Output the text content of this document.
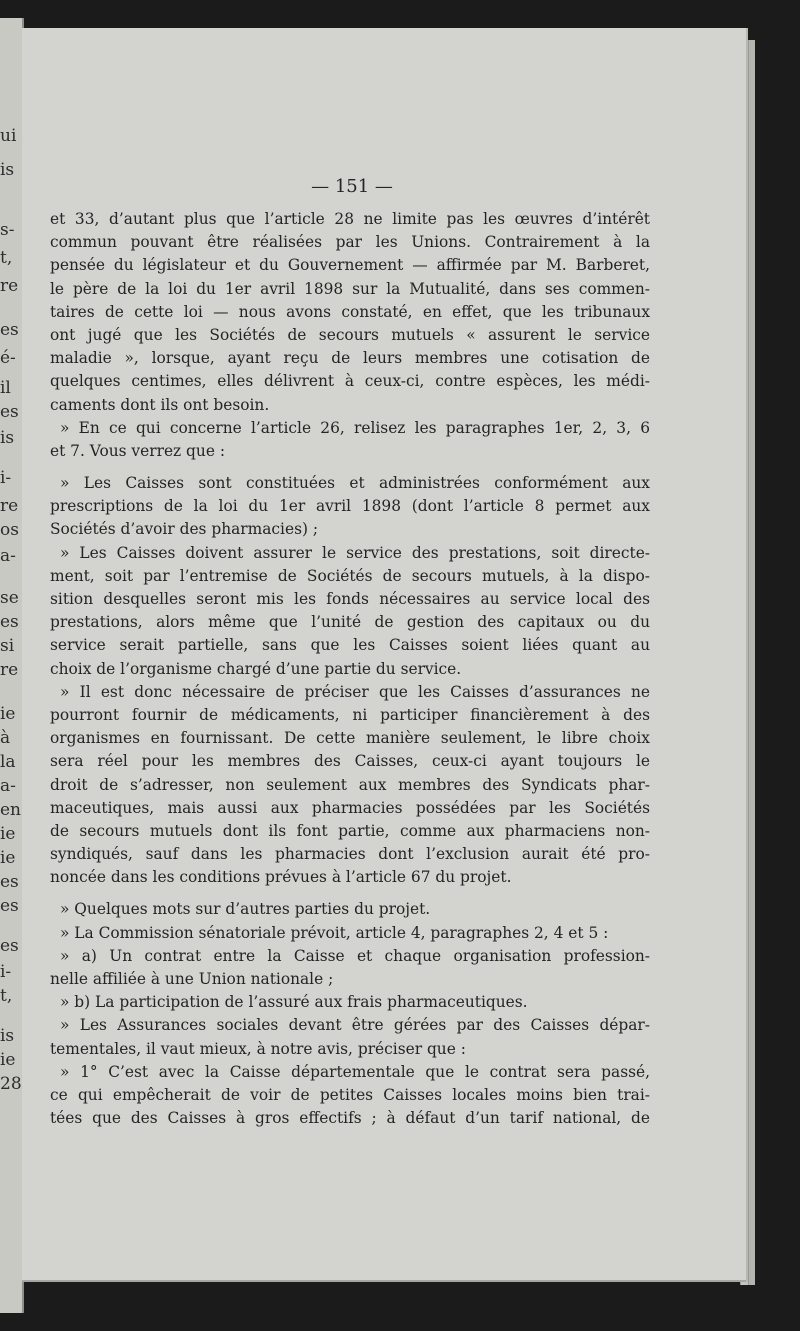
ui
is
s-
t,
re
es
é-
il
es
is
i-
re
os
a-
se
es
si
re
ie
à
la
a-
en
ie
ie
es
es
es
i-
t,
is
ie
28
— 151 —
et 33, d’autant plus que l’article 28 ne limite pas les œuvres d’intérêt
commun pouvant être réalisées par les Unions. Contrairement à la
pensée du législateur et du Gouvernement — affirmée par M. Barberet,
le père de la loi du 1er avril 1898 sur la Mutualité, dans ses commen-
taires de cette loi — nous avons constaté, en effet, que les tribunaux
ont jugé que les Sociétés de secours mutuels « assurent le service
maladie », lorsque, ayant reçu de leurs membres une cotisation de
quelques centimes, elles délivrent à ceux-ci, contre espèces, les médi-
caments dont ils ont besoin.
» En ce qui concerne l’article 26, relisez les paragraphes 1er, 2, 3, 6
et 7. Vous verrez que :
» Les Caisses sont constituées et administrées conformément aux
prescriptions de la loi du 1er avril 1898 (dont l’article 8 permet aux
Sociétés d’avoir des pharmacies) ;
» Les Caisses doivent assurer le service des prestations, soit directe-
ment, soit par l’entremise de Sociétés de secours mutuels, à la dispo-
sition desquelles seront mis les fonds nécessaires au service local des
prestations, alors même que l’unité de gestion des capitaux ou du
service serait partielle, sans que les Caisses soient liées quant au
choix de l’organisme chargé d’une partie du service.
» Il est donc nécessaire de préciser que les Caisses d’assurances ne
pourront fournir de médicaments, ni participer financièrement à des
organismes en fournissant. De cette manière seulement, le libre choix
sera réel pour les membres des Caisses, ceux-ci ayant toujours le
droit de s’adresser, non seulement aux membres des Syndicats phar-
maceutiques, mais aussi aux pharmacies possédées par les Sociétés
de secours mutuels dont ils font partie, comme aux pharmaciens non-
syndiqués, sauf dans les pharmacies dont l’exclusion aurait été pro-
noncée dans les conditions prévues à l’article 67 du projet.
» Quelques mots sur d’autres parties du projet.
» La Commission sénatoriale prévoit, article 4, paragraphes 2, 4 et 5 :
» a) Un contrat entre la Caisse et chaque organisation profession-
nelle affiliée à une Union nationale ;
» b) La participation de l’assuré aux frais pharmaceutiques.
» Les Assurances sociales devant être gérées par des Caisses dépar-
tementales, il vaut mieux, à notre avis, préciser que :
» 1° C’est avec la Caisse départementale que le contrat sera passé,
ce qui empêcherait de voir de petites Caisses locales moins bien trai-
tées que des Caisses à gros effectifs ; à défaut d’un tarif national, de
